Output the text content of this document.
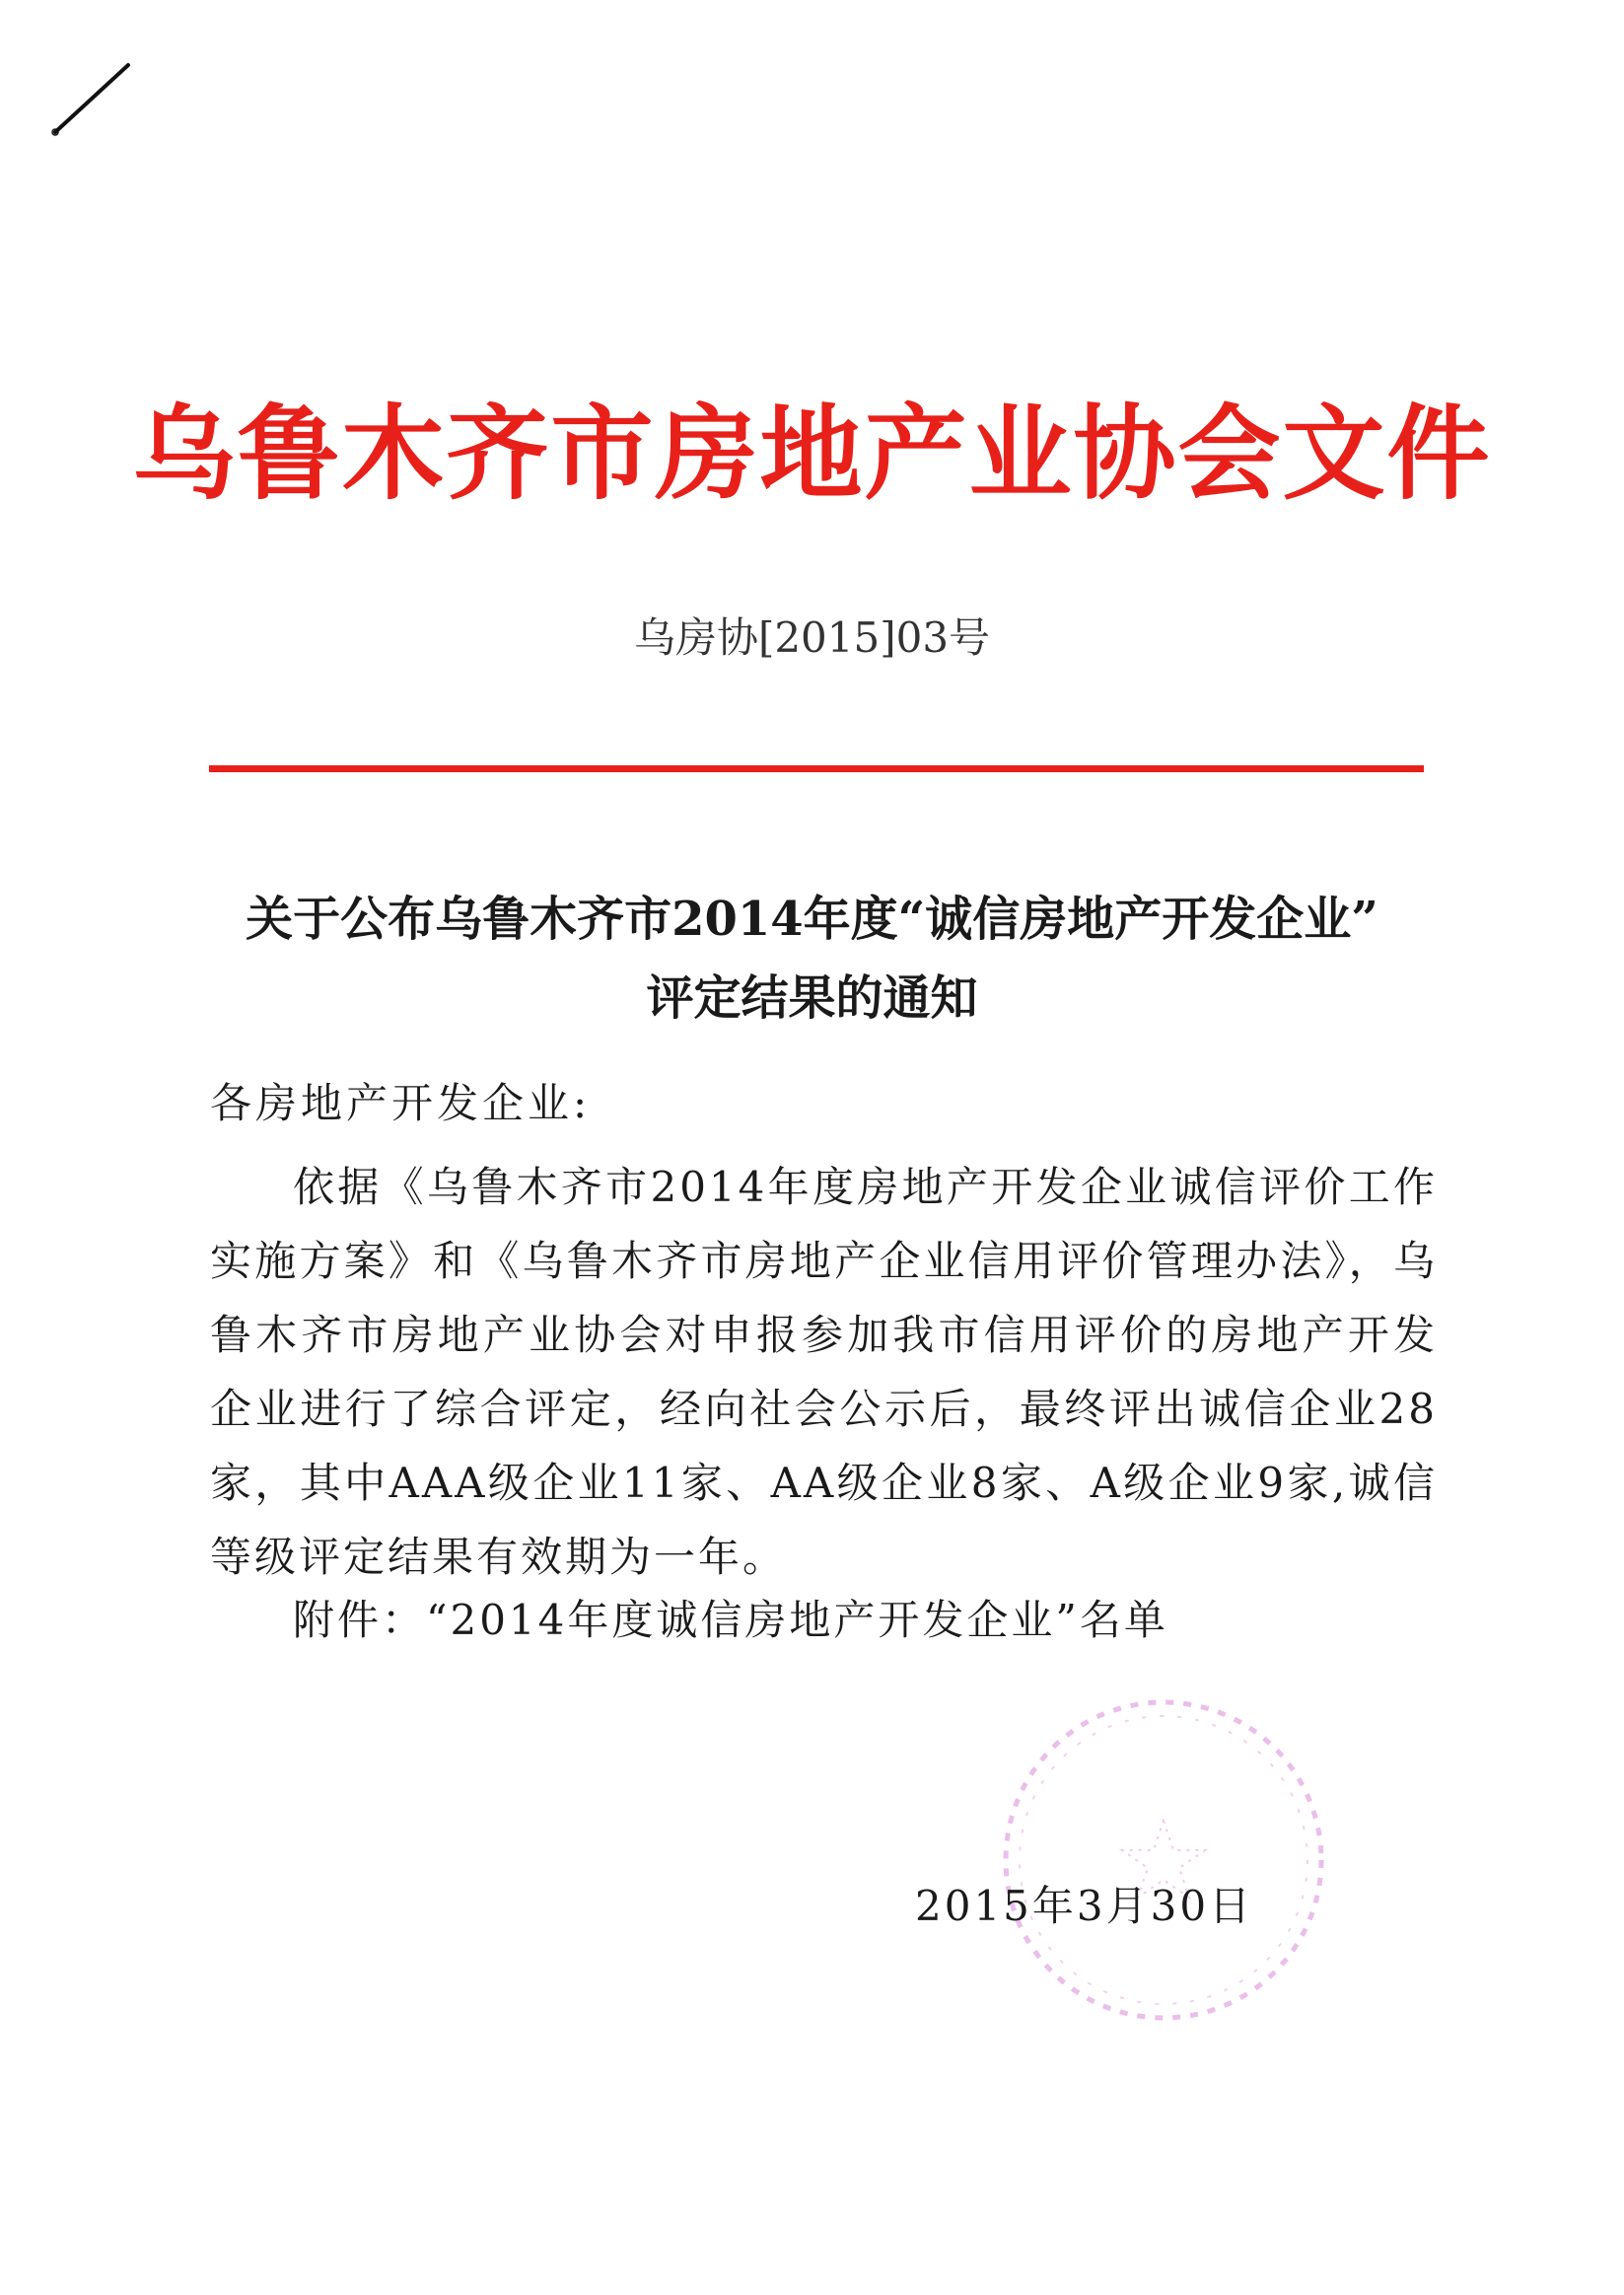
乌鲁木齐市房地产业协会文件
乌房协[2015]03号
关于公布乌鲁木齐市2014年度“诚信房地产开发企业”
评定结果的通知
各房地产开发企业:
依据《乌鲁木齐市2014年度房地产开发企业诚信评价工作实施方案》和《乌鲁木齐市房地产企业信用评价管理办法》，乌鲁木齐市房地产业协会对申报参加我市信用评价的房地产开发企业进行了综合评定，经向社会公示后，最终评出诚信企业28家，其中AAA级企业11家、AA级企业8家、A级企业9家,诚信等级评定结果有效期为一年。
附件：“2014年度诚信房地产开发企业”名单
2015年3月30日
